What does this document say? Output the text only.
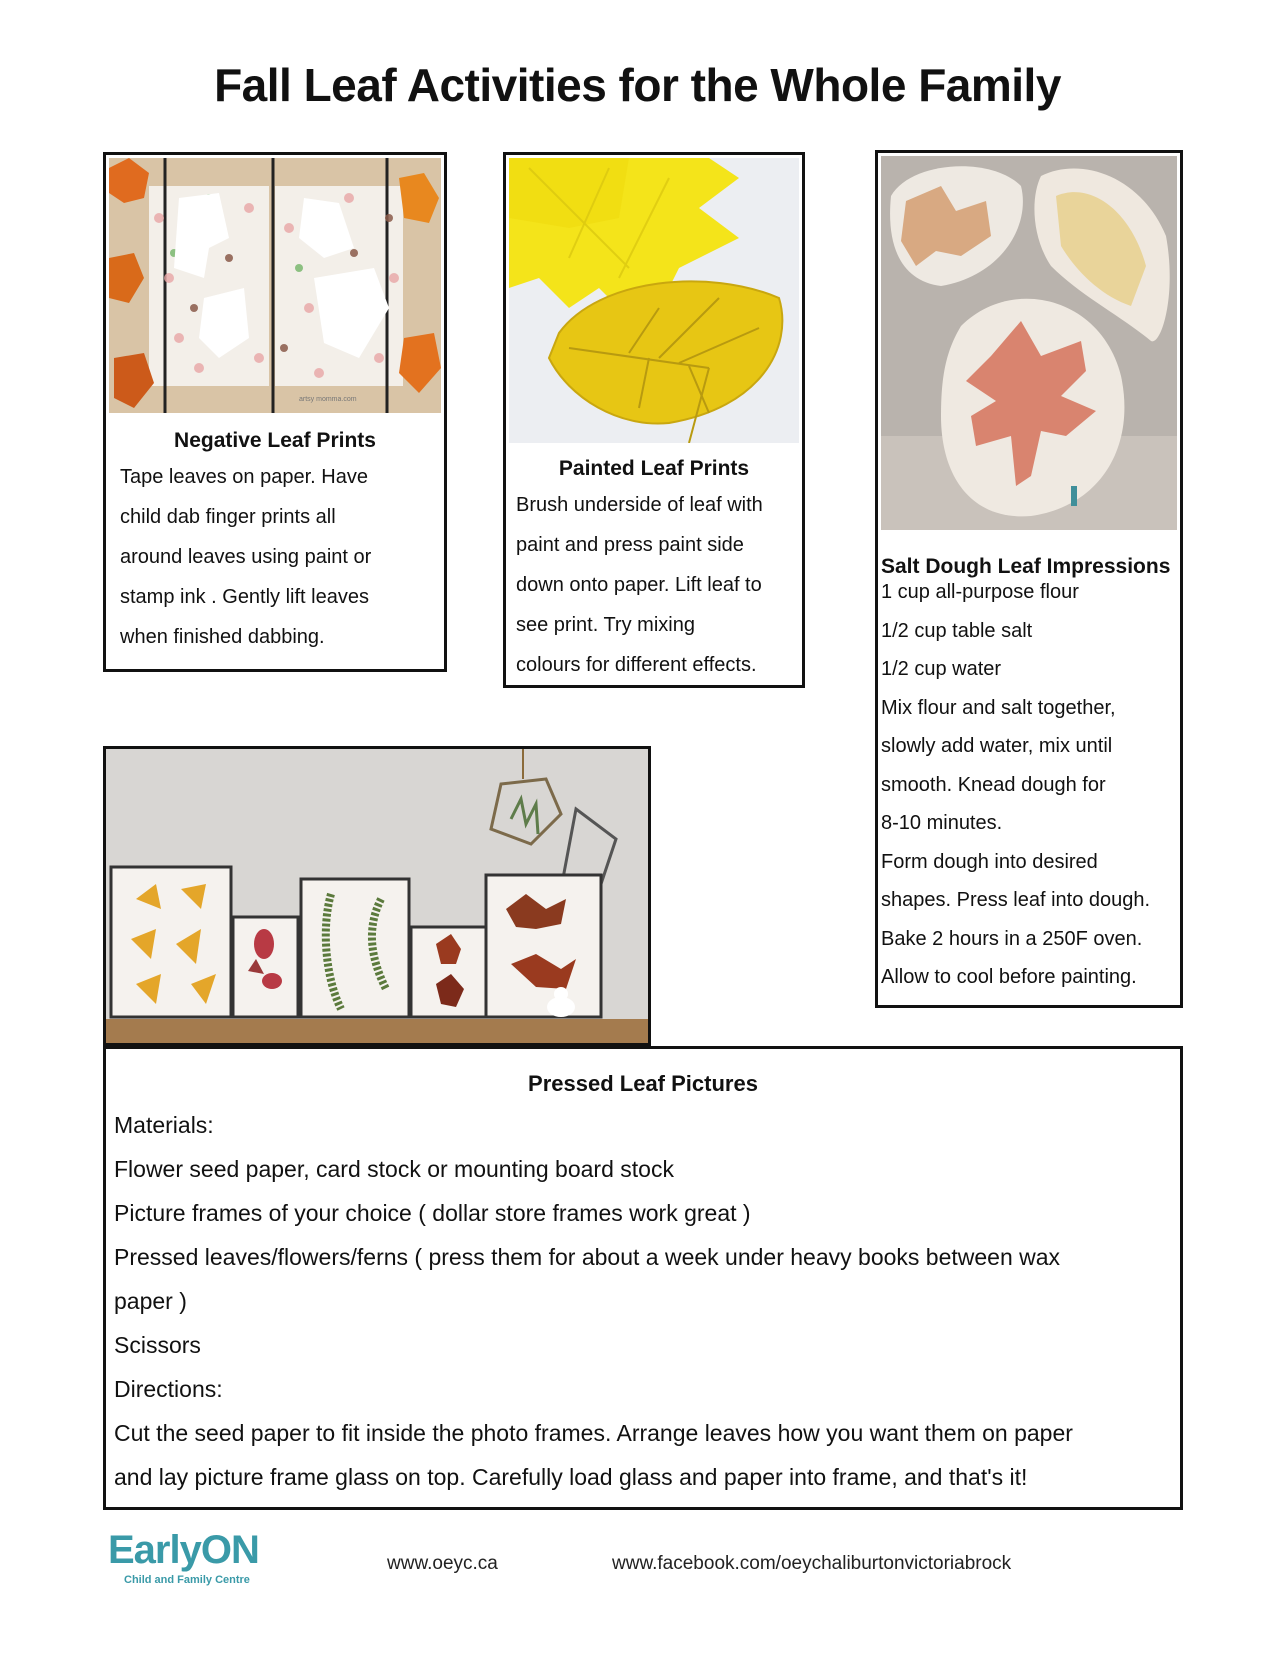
Fall Leaf Activities for the Whole Family
artsy momma.com
Negative Leaf Prints
Tape leaves on paper. Have
child dab finger prints all
around leaves using paint or
stamp ink . Gently lift leaves
when finished dabbing.
Painted Leaf Prints
Brush underside of leaf with
paint and press paint side
down onto paper. Lift leaf to
see print. Try mixing
colours for different effects.
Salt Dough Leaf Impressions
1 cup all-purpose flour
1/2 cup table salt
1/2 cup water
Mix flour and salt together,
slowly add water, mix until
smooth. Knead dough for
8-10 minutes.
Form dough into desired
shapes. Press leaf into dough.
Bake 2 hours in a 250F oven.
Allow to cool before painting.
Pressed Leaf Pictures
Materials:
Flower seed paper, card stock or mounting board stock
Picture frames of your choice ( dollar store frames work great )
Pressed leaves/flowers/ferns ( press them for about a week under heavy books between wax
paper )
Scissors
Directions:
Cut the seed paper to fit inside the photo frames. Arrange leaves how you want them on paper
and lay picture frame glass on top. Carefully load glass and paper into frame, and that's it!
EarlyON
Child and Family Centre
www.oeyc.ca	www.facebook.com/oeychaliburtonvictoriabrock
